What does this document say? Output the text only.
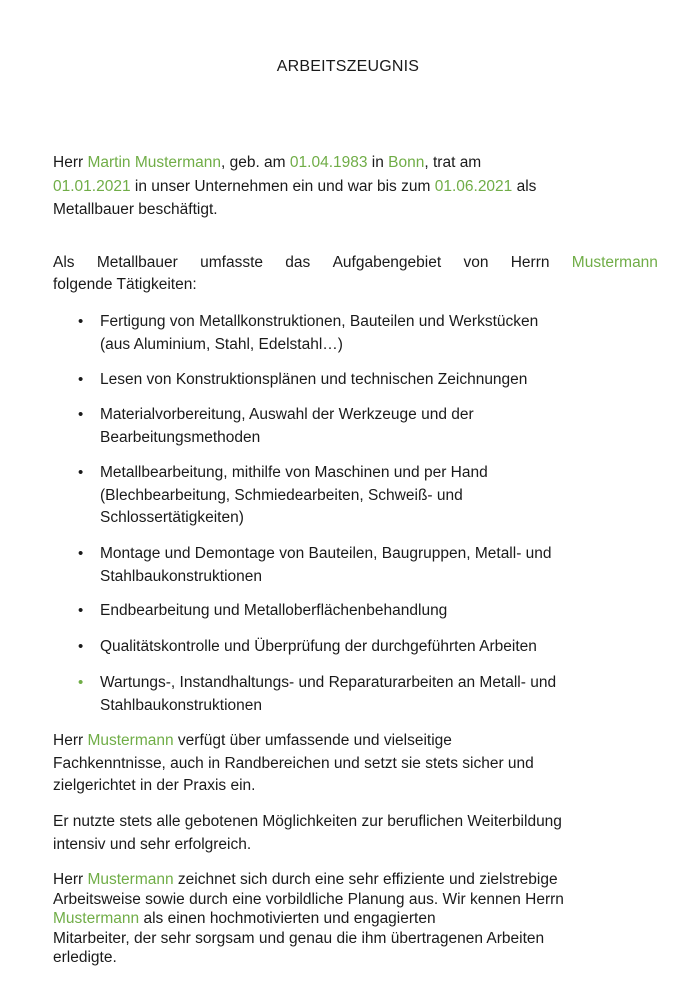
ARBEITSZEUGNIS
Herr Martin Mustermann, geb. am 01.04.1983 in Bonn, trat am
01.01.2021 in unser Unternehmen ein und war bis zum 01.06.2021 als
Metallbauer beschäftigt.
Als Metallbauer umfasste das Aufgabengebiet von Herrn Mustermann
folgende Tätigkeiten:
• Fertigung von Metallkonstruktionen, Bauteilen und Werkstücken
(aus Aluminium, Stahl, Edelstahl…)
• Lesen von Konstruktionsplänen und technischen Zeichnungen
• Materialvorbereitung, Auswahl der Werkzeuge und der
Bearbeitungsmethoden
• Metallbearbeitung, mithilfe von Maschinen und per Hand
(Blechbearbeitung, Schmiedearbeiten, Schweiß- und
Schlossertätigkeiten)
• Montage und Demontage von Bauteilen, Baugruppen, Metall- und
Stahlbaukonstruktionen
• Endbearbeitung und Metalloberflächenbehandlung
• Qualitätskontrolle und Überprüfung der durchgeführten Arbeiten
• Wartungs-, Instandhaltungs- und Reparaturarbeiten an Metall- und
Stahlbaukonstruktionen
Herr Mustermann verfügt über umfassende und vielseitige
Fachkenntnisse, auch in Randbereichen und setzt sie stets sicher und
zielgerichtet in der Praxis ein.
Er nutzte stets alle gebotenen Möglichkeiten zur beruflichen Weiterbildung
intensiv und sehr erfolgreich.
Herr Mustermann zeichnet sich durch eine sehr effiziente und zielstrebige
Arbeitsweise sowie durch eine vorbildliche Planung aus. Wir kennen Herrn
Mustermann als einen hochmotivierten und engagierten
Mitarbeiter, der sehr sorgsam und genau die ihm übertragenen Arbeiten
erledigte.
